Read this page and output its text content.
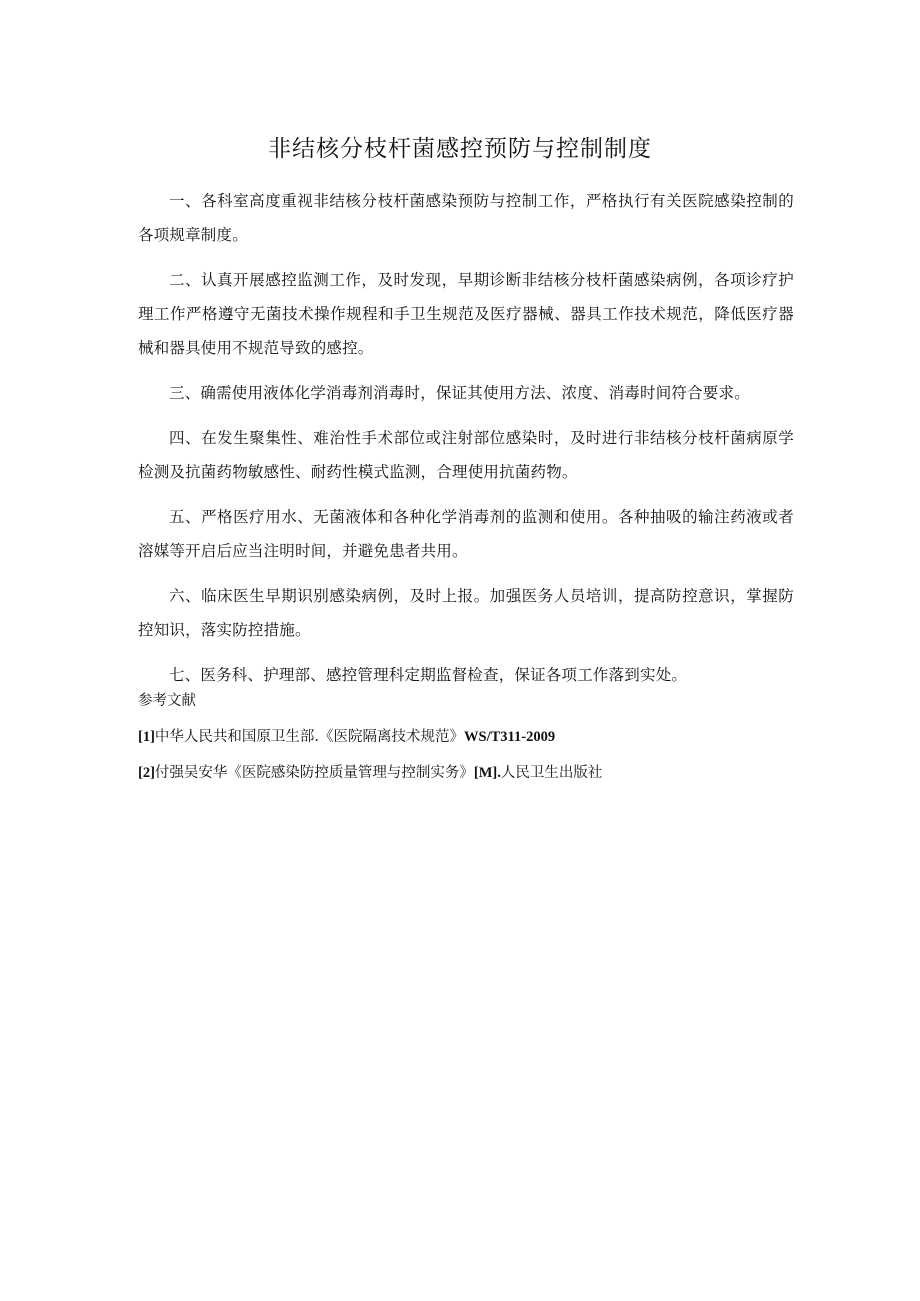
非结核分枝杆菌感控预防与控制制度

一、各科室高度重视非结核分枝杆菌感染预防与控制工作，严格执行有关医院感染控制的各项规章制度。

二、认真开展感控监测工作，及时发现，早期诊断非结核分枝杆菌感染病例，各项诊疗护理工作严格遵守无菌技术操作规程和手卫生规范及医疗器械、器具工作技术规范，降低医疗器械和器具使用不规范导致的感控。

三、确需使用液体化学消毒剂消毒时，保证其使用方法、浓度、消毒时间符合要求。

四、在发生聚集性、难治性手术部位或注射部位感染时，及时进行非结核分枝杆菌病原学检测及抗菌药物敏感性、耐药性模式监测，合理使用抗菌药物。

五、严格医疗用水、无菌液体和各种化学消毒剂的监测和使用。各种抽吸的输注药液或者溶媒等开启后应当注明时间，并避免患者共用。

六、临床医生早期识别感染病例，及时上报。加强医务人员培训，提高防控意识，掌握防控知识，落实防控措施。

七、医务科、护理部、感控管理科定期监督检查，保证各项工作落到实处。

参考文献
[1]中华人民共和国原卫生部.《医院隔离技术规范》WS/T311-2009
[2]付强吴安华《医院感染防控质量管理与控制实务》[M].人民卫生出版社
